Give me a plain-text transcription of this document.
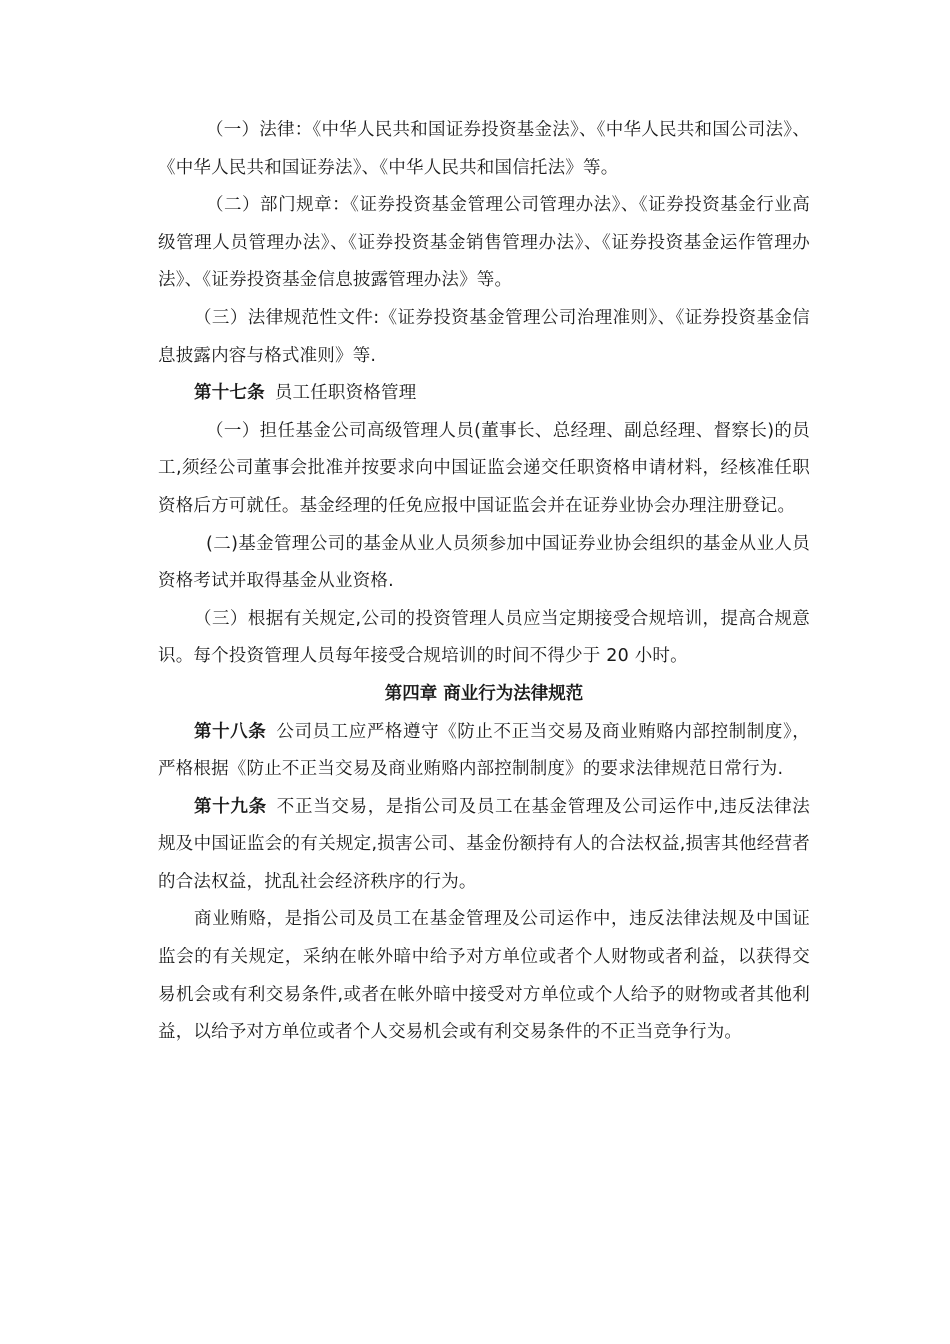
（一）法律：《中华人民共和国证券投资基金法》、《中华人民共和国公司法》、《中华人民共和国证券法》、《中华人民共和国信托法》等。

（二）部门规章：《证券投资基金管理公司管理办法》、《证券投资基金行业高级管理人员管理办法》、《证券投资基金销售管理办法》、《证券投资基金运作管理办法》、《证券投资基金信息披露管理办法》等。

（三）法律规范性文件:《证券投资基金管理公司治理准则》、《证券投资基金信息披露内容与格式准则》等.

第十七条 员工任职资格管理

（一）担任基金公司高级管理人员(董事长、总经理、副总经理、督察长)的员工,须经公司董事会批准并按要求向中国证监会递交任职资格申请材料，经核准任职资格后方可就任。基金经理的任免应报中国证监会并在证券业协会办理注册登记。

(二)基金管理公司的基金从业人员须参加中国证券业协会组织的基金从业人员资格考试并取得基金从业资格.

（三）根据有关规定,公司的投资管理人员应当定期接受合规培训，提高合规意识。每个投资管理人员每年接受合规培训的时间不得少于 20 小时。

第四章 商业行为法律规范

第十八条 公司员工应严格遵守《防止不正当交易及商业贿赂内部控制制度》，严格根据《防止不正当交易及商业贿赂内部控制制度》的要求法律规范日常行为.

第十九条 不正当交易，是指公司及员工在基金管理及公司运作中,违反法律法规及中国证监会的有关规定,损害公司、基金份额持有人的合法权益,损害其他经营者的合法权益，扰乱社会经济秩序的行为。

商业贿赂，是指公司及员工在基金管理及公司运作中，违反法律法规及中国证监会的有关规定，采纳在帐外暗中给予对方单位或者个人财物或者利益，以获得交易机会或有利交易条件,或者在帐外暗中接受对方单位或个人给予的财物或者其他利益，以给予对方单位或者个人交易机会或有利交易条件的不正当竞争行为。
